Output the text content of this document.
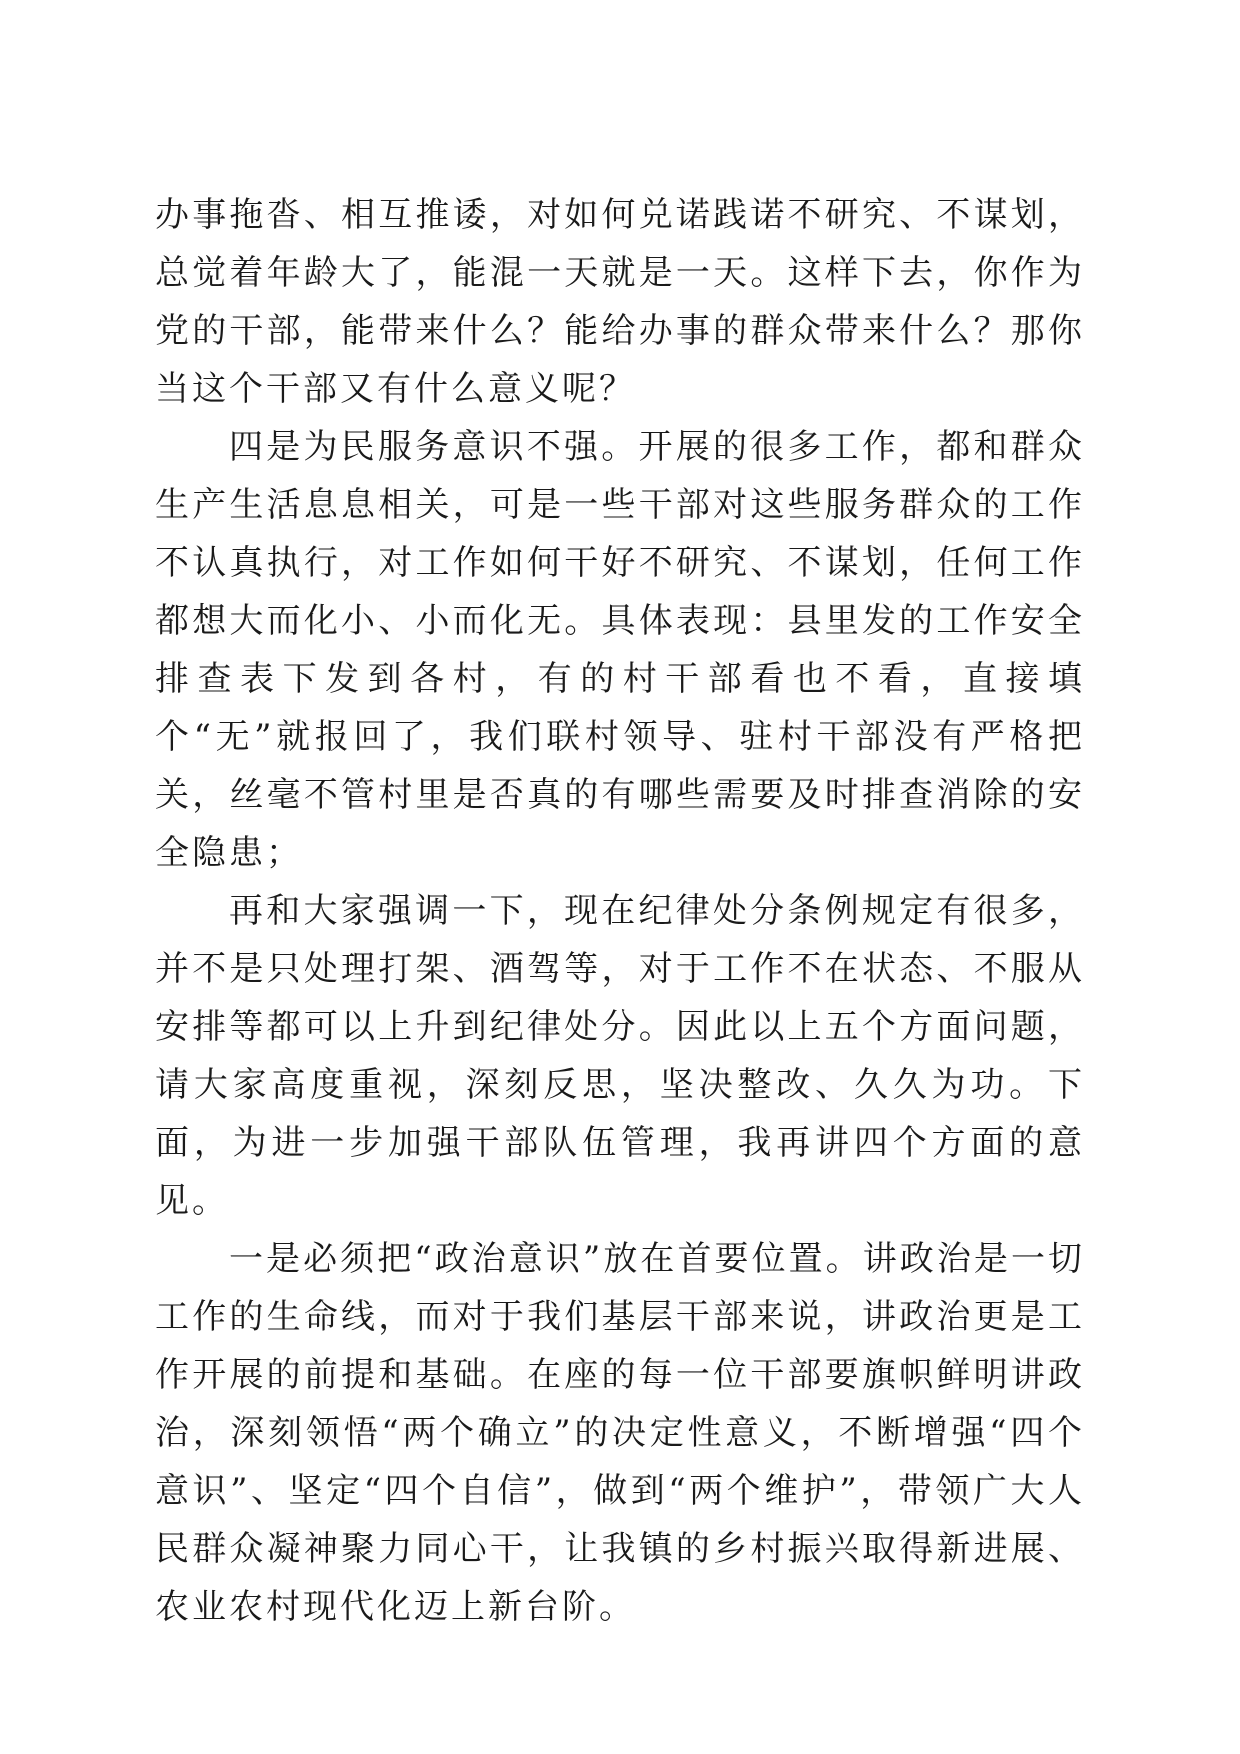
办事拖沓、相互推诿，对如何兑诺践诺不研究、不谋划，总觉着年龄大了，能混一天就是一天。这样下去，你作为党的干部，能带来什么？能给办事的群众带来什么？那你当这个干部又有什么意义呢？

四是为民服务意识不强。开展的很多工作，都和群众生产生活息息相关，可是一些干部对这些服务群众的工作不认真执行，对工作如何干好不研究、不谋划，任何工作都想大而化小、小而化无。具体表现：县里发的工作安全排查表下发到各村，有的村干部看也不看，直接填个“无”就报回了，我们联村领导、驻村干部没有严格把关，丝毫不管村里是否真的有哪些需要及时排查消除的安全隐患；

再和大家强调一下，现在纪律处分条例规定有很多，并不是只处理打架、酒驾等，对于工作不在状态、不服从安排等都可以上升到纪律处分。因此以上五个方面问题，请大家高度重视，深刻反思，坚决整改、久久为功。下面，为进一步加强干部队伍管理，我再讲四个方面的意见。

一是必须把“政治意识”放在首要位置。讲政治是一切工作的生命线，而对于我们基层干部来说，讲政治更是工作开展的前提和基础。在座的每一位干部要旗帜鲜明讲政治，深刻领悟“两个确立”的决定性意义，不断增强“四个意识”、坚定“四个自信”，做到“两个维护”，带领广大人民群众凝神聚力同心干，让我镇的乡村振兴取得新进展、农业农村现代化迈上新台阶。
